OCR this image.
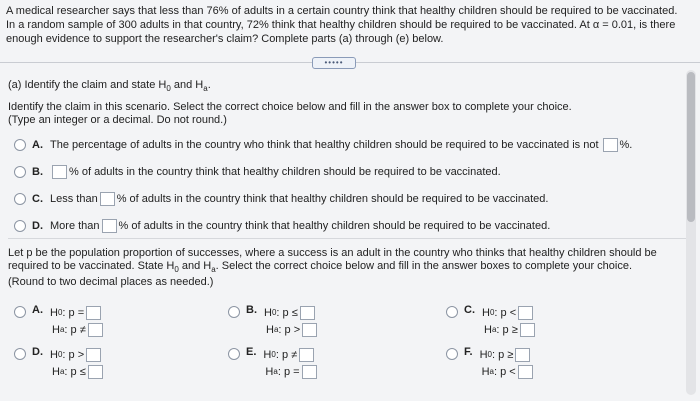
A medical researcher says that less than 76% of adults in a certain country think that healthy children should be required to be vaccinated.
In a random sample of 300 adults in that country, 72% think that healthy children should be required to be vaccinated. At α = 0.01, is there
enough evidence to support the researcher's claim? Complete parts (a) through (e) below.
•••••
(a) Identify the claim and state $H_0$ and $H_a$.
Identify the claim in this scenario. Select the correct choice below and fill in the answer box to complete your choice.
(Type an integer or a decimal. Do not round.)
A. The percentage of adults in the country who think that healthy children should be required to be vaccinated is not %.
B. % of adults in the country think that healthy children should be required to be vaccinated.
C. Less than % of adults in the country think that healthy children should be required to be vaccinated.
D. More than % of adults in the country think that healthy children should be required to be vaccinated.
Let p be the population proportion of successes, where a success is an adult in the country who thinks that healthy children should be
required to be vaccinated. State $H_0$ and $H_a$. Select the correct choice below and fill in the answer boxes to complete your choice.
(Round to two decimal places as needed.)
A. H 0 : p =
H a : p ≠
B. H 0 : p ≤
H a : p >
C. H 0 : p <
H a : p ≥
D. H 0 : p >
H a : p ≤
E. H 0 : p ≠
H a : p =
F. H 0 : p ≥
H a : p <
